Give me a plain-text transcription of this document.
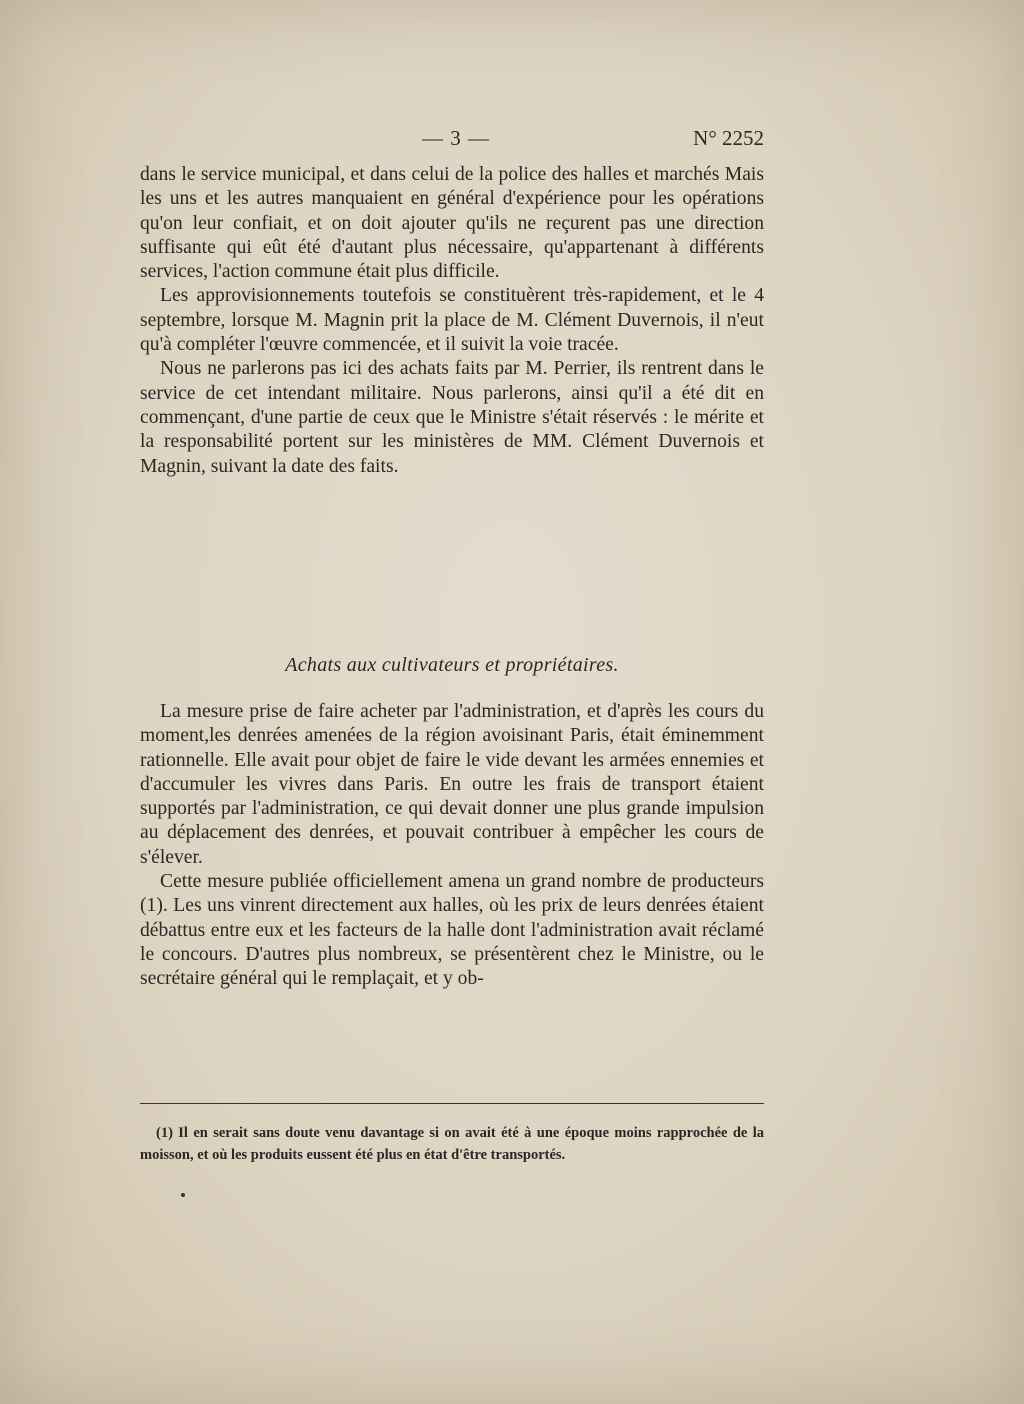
— 3 —	N° 2252

dans le service municipal, et dans celui de la police des halles et marchés Mais les uns et les autres manquaient en général d'expérience pour les opérations qu'on leur confiait, et on doit ajouter qu'ils ne reçurent pas une direction suffisante qui eût été d'autant plus nécessaire, qu'appartenant à différents services, l'action commune était plus difficile.

Les approvisionnements toutefois se constituèrent très-rapidement, et le 4 septembre, lorsque M. Magnin prit la place de M. Clément Duvernois, il n'eut qu'à compléter l'œuvre commencée, et il suivit la voie tracée.

Nous ne parlerons pas ici des achats faits par M. Perrier, ils rentrent dans le service de cet intendant militaire. Nous parlerons, ainsi qu'il a été dit en commençant, d'une partie de ceux que le Ministre s'était réservés : le mérite et la responsabilité portent sur les ministères de MM. Clément Duvernois et Magnin, suivant la date des faits.

Achats aux cultivateurs et propriétaires.

La mesure prise de faire acheter par l'administration, et d'après les cours du moment,les denrées amenées de la région avoisinant Paris, était éminemment rationnelle. Elle avait pour objet de faire le vide devant les armées ennemies et d'accumuler les vivres dans Paris. En outre les frais de transport étaient supportés par l'administration, ce qui devait donner une plus grande impulsion au déplacement des denrées, et pouvait contribuer à empêcher les cours de s'élever.

Cette mesure publiée officiellement amena un grand nombre de producteurs (1). Les uns vinrent directement aux halles, où les prix de leurs denrées étaient débattus entre eux et les facteurs de la halle dont l'administration avait réclamé le concours. D'autres plus nombreux, se présentèrent chez le Ministre, ou le secrétaire général qui le remplaçait, et y ob-

(1) Il en serait sans doute venu davantage si on avait été à une époque moins rapprochée de la moisson, et où les produits eussent été plus en état d'être transportés.
